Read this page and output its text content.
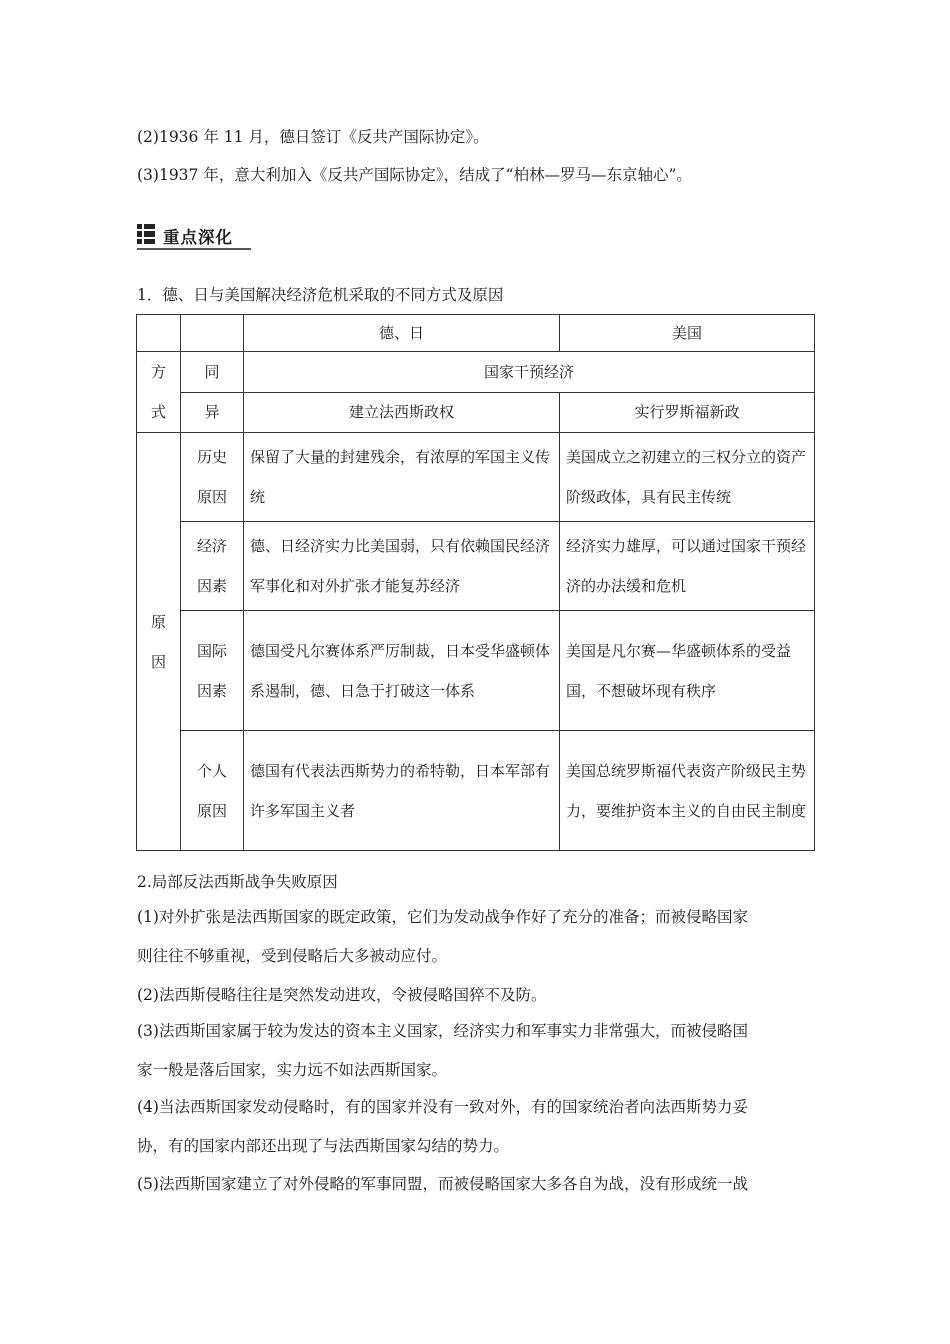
(2)1936 年 11 月，德日签订《反共产国际协定》。
(3)1937 年，意大利加入《反共产国际协定》，结成了“柏林—罗马—东京轴心”。
重点深化
1．德、日与美国解决经济危机采取的不同方式及原因
		德、日	美国

方式	同	国家干预经济	
	异	建立法西斯政权	实行罗斯福新政

原因	历史原因	保留了大量的封建残余，有浓厚的军国主义传统	美国成立之初建立的三权分立的资产阶级政体，具有民主传统

	经济因素	德、日经济实力比美国弱，只有依赖国民经济军事化和对外扩张才能复苏经济	经济实力雄厚，可以通过国家干预经济的办法缓和危机

	国际因素	德国受凡尔赛体系严厉制裁，日本受华盛顿体系遏制，德、日急于打破这一体系	美国是凡尔赛—华盛顿体系的受益国，不想破坏现有秩序

	个人原因	德国有代表法西斯势力的希特勒，日本军部有许多军国主义者	美国总统罗斯福代表资产阶级民主势力，要维护资本主义的自由民主制度
2.局部反法西斯战争失败原因
(1)对外扩张是法西斯国家的既定政策，它们为发动战争作好了充分的准备；而被侵略国家
则往往不够重视，受到侵略后大多被动应付。
(2)法西斯侵略往往是突然发动进攻，令被侵略国猝不及防。
(3)法西斯国家属于较为发达的资本主义国家，经济实力和军事实力非常强大，而被侵略国
家一般是落后国家，实力远不如法西斯国家。
(4)当法西斯国家发动侵略时，有的国家并没有一致对外，有的国家统治者向法西斯势力妥
协，有的国家内部还出现了与法西斯国家勾结的势力。
(5)法西斯国家建立了对外侵略的军事同盟，而被侵略国家大多各自为战，没有形成统一战
